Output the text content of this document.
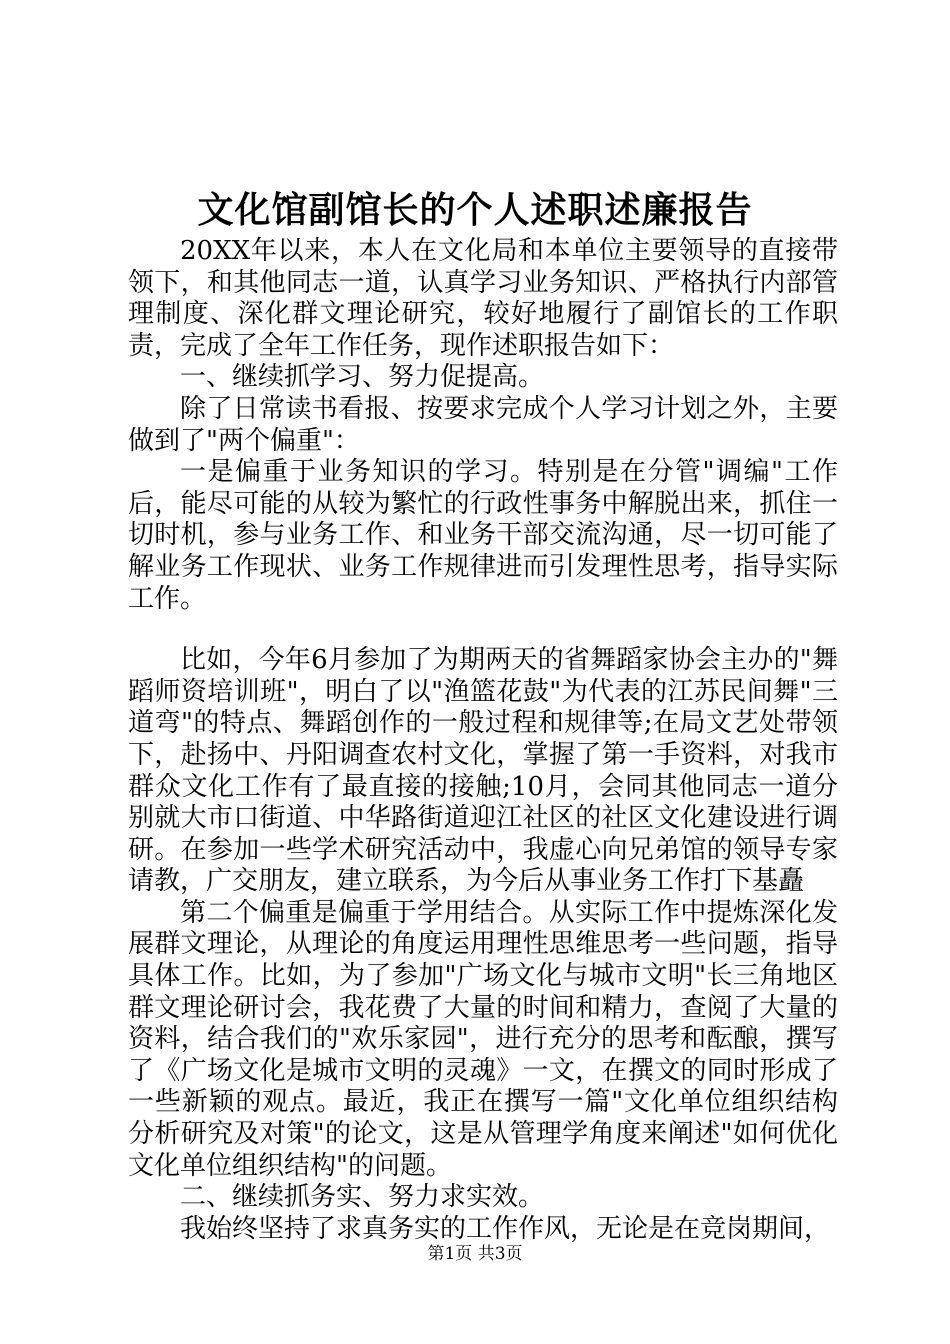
文化馆副馆长的个人述职述廉报告

20XX年以来，本人在文化局和本单位主要领导的直接带领下，和其他同志一道，认真学习业务知识、严格执行内部管理制度、深化群文理论研究，较好地履行了副馆长的工作职责，完成了全年工作任务，现作述职报告如下：

一、继续抓学习、努力促提高。

除了日常读书看报、按要求完成个人学习计划之外，主要做到了"两个偏重"：

一是偏重于业务知识的学习。特别是在分管"调编"工作后，能尽可能的从较为繁忙的行政性事务中解脱出来，抓住一切时机，参与业务工作、和业务干部交流沟通，尽一切可能了解业务工作现状、业务工作规律进而引发理性思考，指导实际工作。

比如，今年6月参加了为期两天的省舞蹈家协会主办的"舞蹈师资培训班"，明白了以"渔篮花鼓"为代表的江苏民间舞"三道弯"的特点、舞蹈创作的一般过程和规律等;在局文艺处带领下，赴扬中、丹阳调查农村文化，掌握了第一手资料，对我市群众文化工作有了最直接的接触;10月，会同其他同志一道分别就大市口街道、中华路街道迎江社区的社区文化建设进行调研。在参加一些学术研究活动中，我虚心向兄弟馆的领导专家请教，广交朋友，建立联系，为今后从事业务工作打下基矗

第二个偏重是偏重于学用结合。从实际工作中提炼深化发展群文理论，从理论的角度运用理性思维思考一些问题，指导具体工作。比如，为了参加"广场文化与城市文明"长三角地区群文理论研讨会，我花费了大量的时间和精力，查阅了大量的资料，结合我们的"欢乐家园"，进行充分的思考和酝酿，撰写了《广场文化是城市文明的灵魂》一文，在撰文的同时形成了一些新颖的观点。最近，我正在撰写一篇"文化单位组织结构分析研究及对策"的论文，这是从管理学角度来阐述"如何优化文化单位组织结构"的问题。

二、继续抓务实、努力求实效。

我始终坚持了求真务实的工作作风，无论是在竞岗期间，

第1页 共3页
